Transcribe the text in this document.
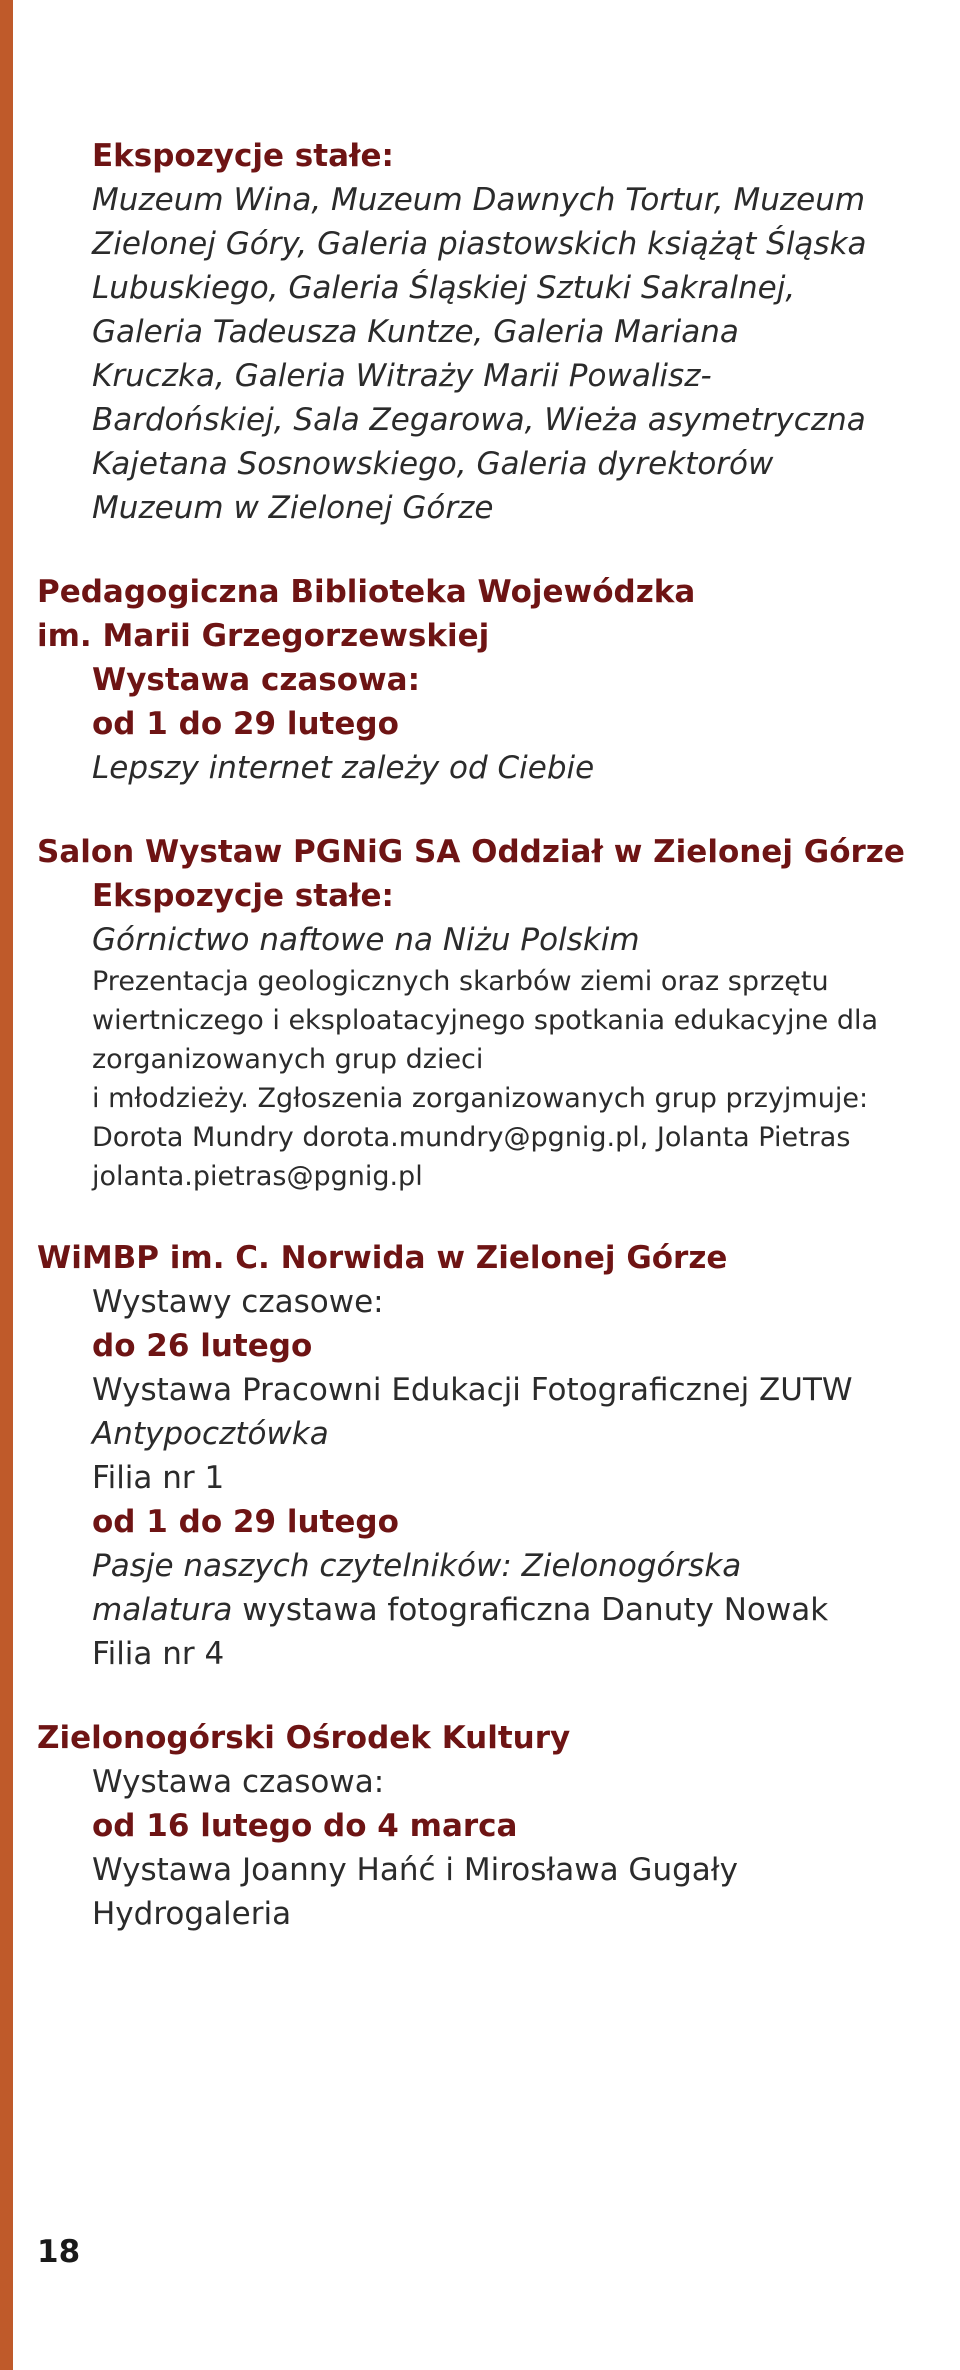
Ekspozycje stałe:
Muzeum Wina, Muzeum Dawnych Tortur, Muzeum
Zielonej Góry, Galeria piastowskich książąt Śląska
Lubuskiego, Galeria Śląskiej Sztuki Sakralnej,
Galeria Tadeusza Kuntze, Galeria Mariana
Kruczka, Galeria Witraży Marii Powalisz-
Bardońskiej, Sala Zegarowa, Wieża asymetryczna
Kajetana Sosnowskiego, Galeria dyrektorów
Muzeum w Zielonej Górze
Pedagogiczna Biblioteka Wojewódzka
im. Marii Grzegorzewskiej
Wystawa czasowa:
od 1 do 29 lutego
Lepszy internet zależy od Ciebie
Salon Wystaw PGNiG SA Oddział w Zielonej Górze
Ekspozycje stałe:
Górnictwo naftowe na Niżu Polskim
Prezentacja geologicznych skarbów ziemi oraz sprzętu
wiertniczego i eksploatacyjnego spotkania edukacyjne dla
zorganizowanych grup dzieci
i młodzieży. Zgłoszenia zorganizowanych grup przyjmuje:
Dorota Mundry dorota.mundry@pgnig.pl, Jolanta Pietras
jolanta.pietras@pgnig.pl
WiMBP im. C. Norwida w Zielonej Górze
Wystawy czasowe:
do 26 lutego
Wystawa Pracowni Edukacji Fotograficznej ZUTW
Antypocztówka
Filia nr 1
od 1 do 29 lutego
Pasje naszych czytelników: Zielonogórska
malatura wystawa fotograficzna Danuty Nowak
Filia nr 4
Zielonogórski Ośrodek Kultury
Wystawa czasowa:
od 16 lutego do 4 marca
Wystawa Joanny Hańć i Mirosława Gugały
Hydrogaleria
18
